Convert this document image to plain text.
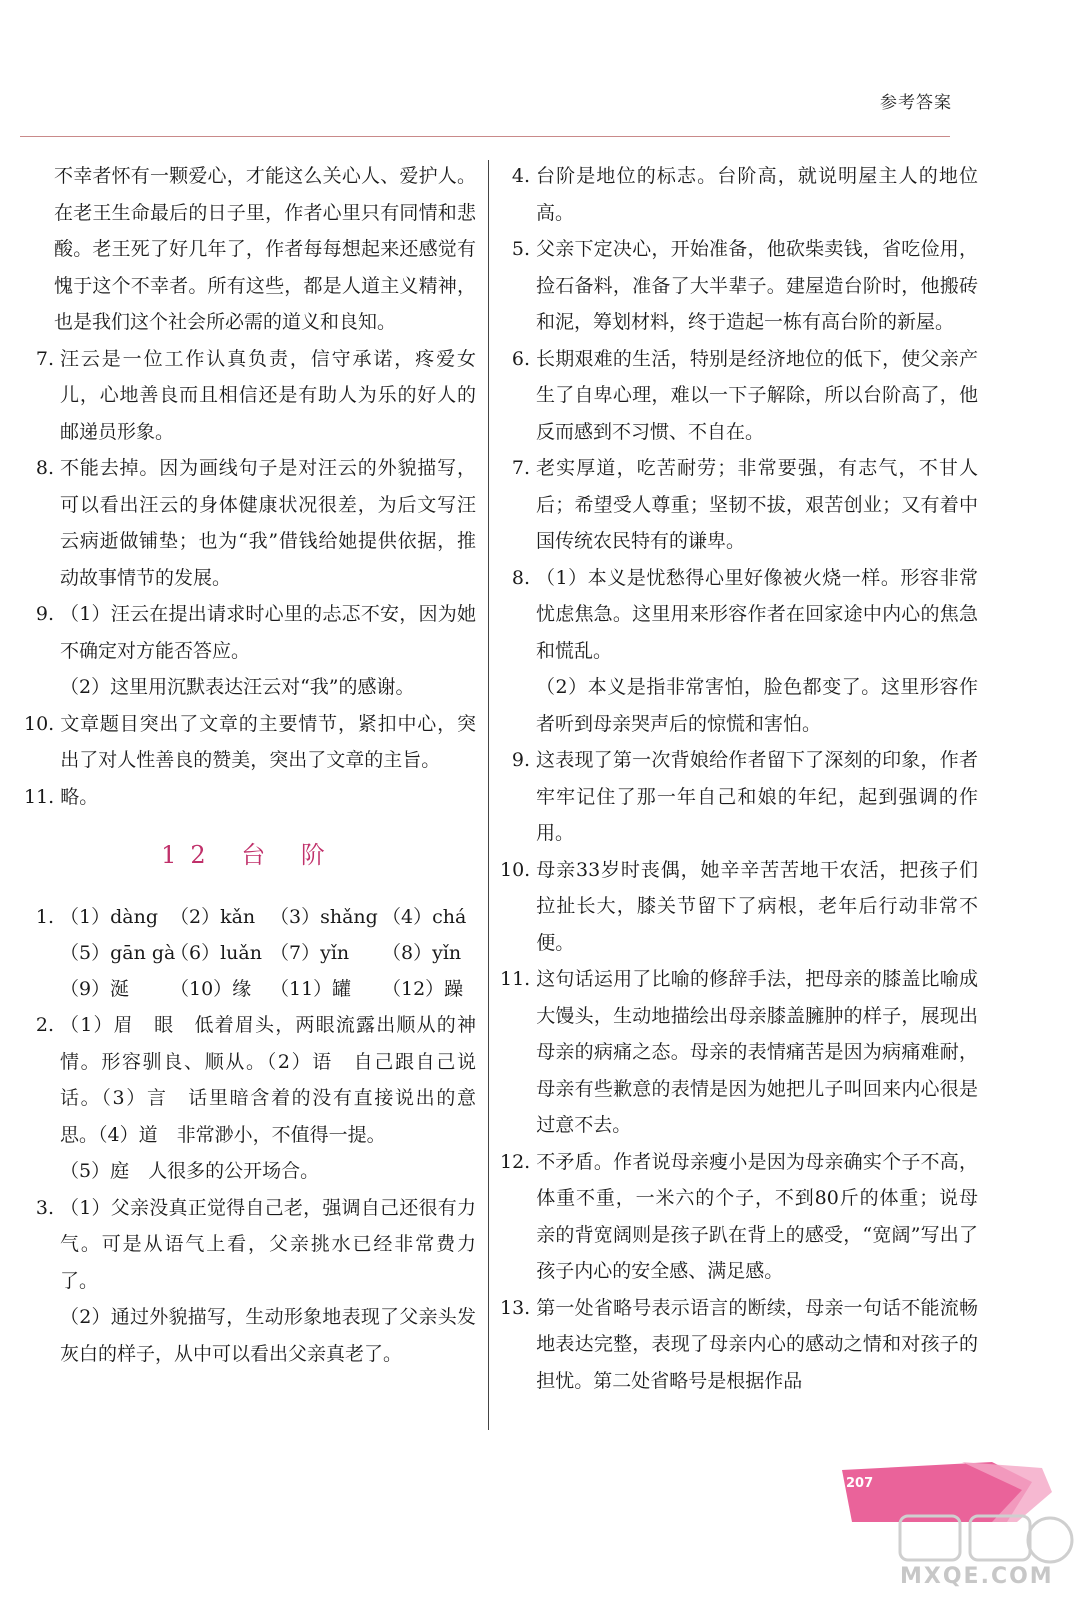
参考答案
不幸者怀有一颗爱心，才能这么关心人、爱护人。在老王生命最后的日子里，作者心里只有同情和悲酸。老王死了好几年了，作者每每想起来还感觉有愧于这个不幸者。所有这些，都是人道主义精神，也是我们这个社会所必需的道义和良知。
7. 汪云是一位工作认真负责，信守承诺，疼爱女儿，心地善良而且相信还是有助人为乐的好人的邮递员形象。
8. 不能去掉。因为画线句子是对汪云的外貌描写，可以看出汪云的身体健康状况很差，为后文写汪云病逝做铺垫；也为“我”借钱给她提供依据，推动故事情节的发展。
9. （1）汪云在提出请求时心里的忐忑不安，因为她不确定对方能否答应。
（2）这里用沉默表达汪云对“我”的感谢。
10. 文章题目突出了文章的主要情节，紧扣中心，突出了对人性善良的赞美，突出了文章的主旨。
11. 略。
12 台 阶
1. （1）dàng （2）kǎn （3）shǎng （4）chá
（5）gān gà
（6）luǎn （7）yǐn	（8）yǐn
（9）涎	（10）缘 （11）罐	（12）躁
2. （1）眉　眼　低着眉头，两眼流露出顺从的神情。形容驯良、顺从。（2）语　自己跟自己说话。（3）言　话里暗含着的没有直接说出的意思。（4）道　非常渺小，不值得一提。
（5）庭　人很多的公开场合。
3. （1）父亲没真正觉得自己老，强调自己还很有力气。可是从语气上看，父亲挑水已经非常费力了。
（2）通过外貌描写，生动形象地表现了父亲头发灰白的样子，从中可以看出父亲真老了。
4. 台阶是地位的标志。台阶高，就说明屋主人的地位高。
5. 父亲下定决心，开始准备，他砍柴卖钱，省吃俭用，捡石备料，准备了大半辈子。建屋造台阶时，他搬砖和泥，筹划材料，终于造起一栋有高台阶的新屋。
6. 长期艰难的生活，特别是经济地位的低下，使父亲产生了自卑心理，难以一下子解除，所以台阶高了，他反而感到不习惯、不自在。
7. 老实厚道，吃苦耐劳；非常要强，有志气，不甘人后；希望受人尊重；坚韧不拔，艰苦创业；又有着中国传统农民特有的谦卑。
8. （1）本义是忧愁得心里好像被火烧一样。形容非常忧虑焦急。这里用来形容作者在回家途中内心的焦急和慌乱。
（2）本义是指非常害怕，脸色都变了。这里形容作者听到母亲哭声后的惊慌和害怕。
9. 这表现了第一次背娘给作者留下了深刻的印象，作者牢牢记住了那一年自己和娘的年纪，起到强调的作用。
10. 母亲33岁时丧偶，她辛辛苦苦地干农活，把孩子们拉扯长大，膝关节留下了病根，老年后行动非常不便。
11. 这句话运用了比喻的修辞手法，把母亲的膝盖比喻成大馒头，生动地描绘出母亲膝盖臃肿的样子，展现出母亲的病痛之态。母亲的表情痛苦是因为病痛难耐，母亲有些歉意的表情是因为她把儿子叫回来内心很是过意不去。
12. 不矛盾。作者说母亲瘦小是因为母亲确实个子不高，体重不重，一米六的个子，不到80斤的体重；说母亲的背宽阔则是孩子趴在背上的感受，“宽阔”写出了孩子内心的安全感、满足感。
13. 第一处省略号表示语言的断续，母亲一句话不能流畅地表达完整，表现了母亲内心的感动之情和对孩子的担忧。第二处省略号是根据作品
207
MXQE.COM
